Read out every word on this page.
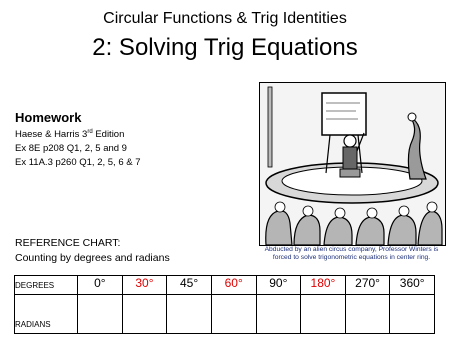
Circular Functions & Trig Identities
2: Solving Trig Equations
Homework
Haese & Harris 3rd Edition
Ex 8E p208 Q1, 2, 5 and 9
Ex 11A.3 p260 Q1, 2, 5, 6 & 7
REFERENCE CHART:
Counting by degrees and radians
Abducted by an alien circus company, Professor Winters is forced to solve trigonometric equations in center ring.
DEGREES	0°	30°	45°	60°	90°	180°	270°	360°
RADIANS								
